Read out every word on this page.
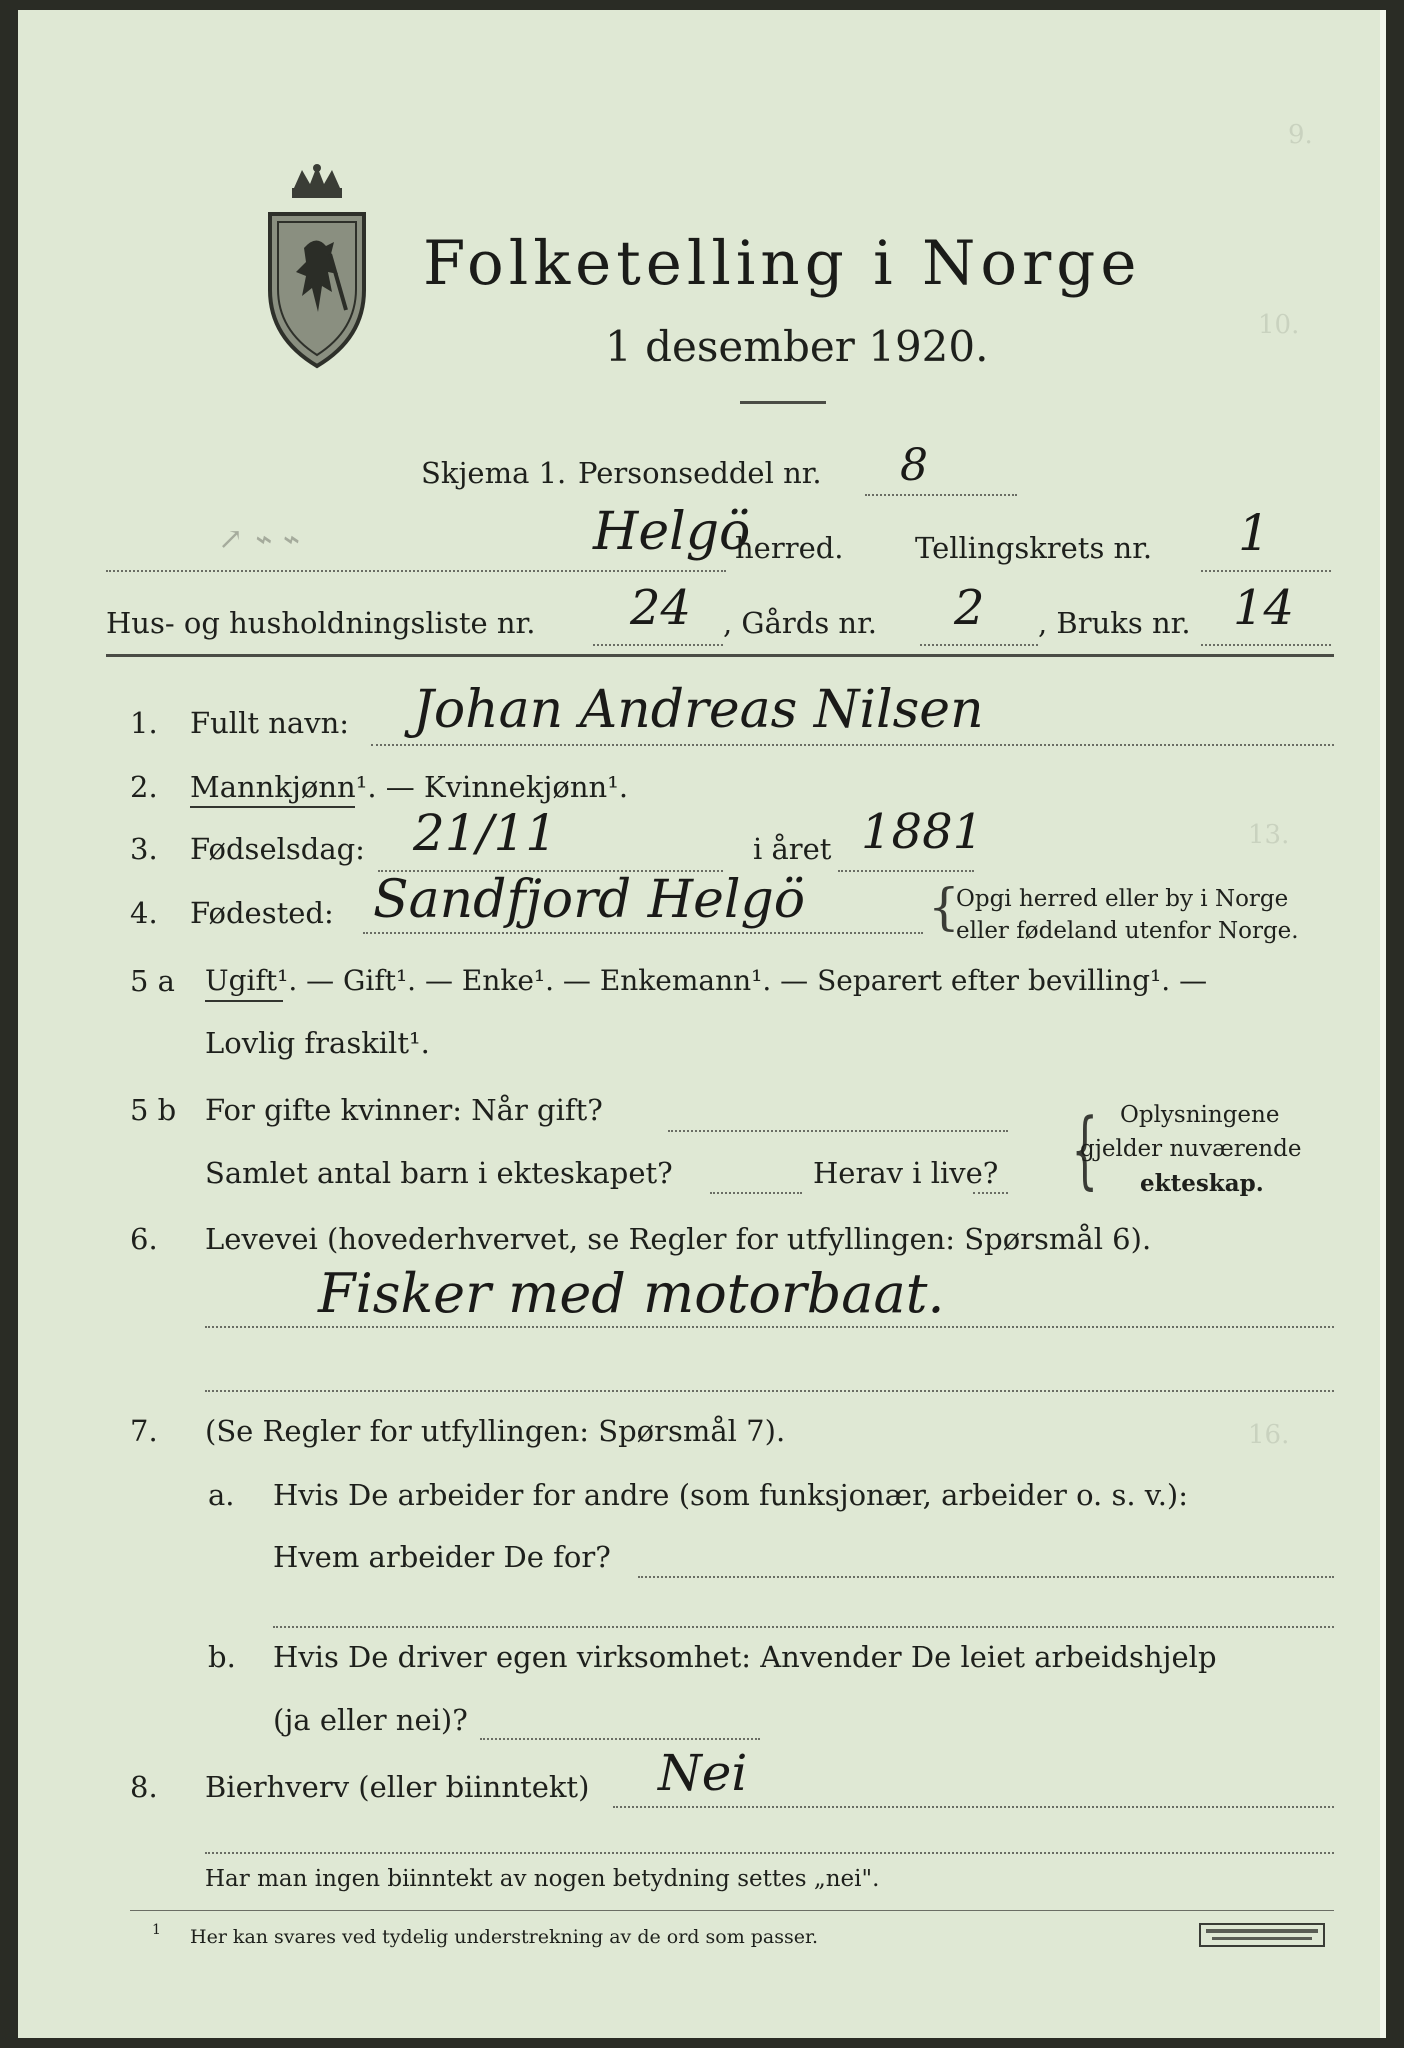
9.
10.
13.
16.
Folketelling i Norge
1 desember 1920.
Skjema 1. Personseddel nr. 8
↗ ⌁ ⌁	Helgö
herred. Tellingskrets nr. 1
Hus- og husholdningsliste nr. 24 , Gårds nr. 2 , Bruks nr. 14
1. Fullt navn: Johan Andreas Nilsen
2. Mannkjønn¹. — Kvinnekjønn¹.
3. Fødselsdag: 21/11	i året 1881
4. Fødested: Sandfjord Helgö {
Opgi herred eller by i Norge
eller fødeland utenfor Norge.
5 a Ugift¹. — Gift¹. — Enke¹. — Enkemann¹. — Separert efter bevilling¹. —
Lovlig fraskilt¹.
5 b For gifte kvinner: Når gift?
Samlet antal barn i ekteskapet?	Herav i live? { Oplysningene
gjelder nuværende
ekteskap.
6. Levevei (hovederhvervet, se Regler for utfyllingen: Spørsmål 6).
Fisker med motorbaat.
7. (Se Regler for utfyllingen: Spørsmål 7).
a. Hvis De arbeider for andre (som funksjonær, arbeider o. s. v.):
Hvem arbeider De for?
b. Hvis De driver egen virksomhet: Anvender De leiet arbeidshjelp
(ja eller nei)?
8. Bierhverv (eller biinntekt) Nei
Har man ingen biinntekt av nogen betydning settes „nei".
1 Her kan svares ved tydelig understrekning av de ord som passer.
